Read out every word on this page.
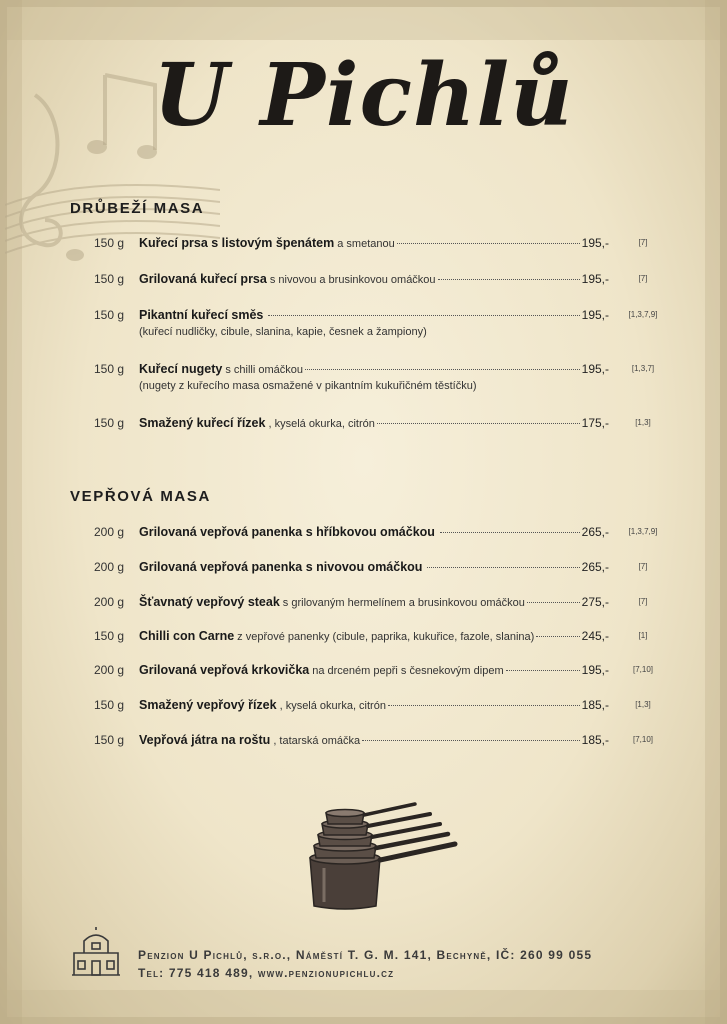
U Pichlů
DRŮBEŽÍ MASA
150 g Kuřecí prsa s listovým špenátem a smetanou	195,-	[7]
150 g Grilovaná kuřecí prsa s nivovou a brusinkovou omáčkou	195,-	[7]
150 g Pikantní kuřecí směs	195,-	[1,3,7,9]
(kuřecí nudličky, cibule, slanina, kapie, česnek a žampiony)
150 g Kuřecí nugety s chilli omáčkou	195,-	[1,3,7]
(nugety z kuřecího masa osmažené v pikantním kukuřičném těstíčku)
150 g Smažený kuřecí řízek , kyselá okurka, citrón	175,-	[1,3]
VEPŘOVÁ MASA
200 g Grilovaná vepřová panenka s hříbkovou omáčkou	265,-	[1,3,7,9]
200 g Grilovaná vepřová panenka s nivovou omáčkou	265,-	[7]
200 g Šťavnatý vepřový steak s grilovaným hermelínem a brusinkovou omáčkou	275,-	[7]
150 g Chilli con Carne z vepřové panenky (cibule, paprika, kukuřice, fazole, slanina)	245,-	[1]
200 g Grilovaná vepřová krkovička na drceném pepři s česnekovým dipem	195,-	[7,10]
150 g Smažený vepřový řízek , kyselá okurka, citrón	185,-	[1,3]
150 g Vepřová játra na roštu , tatarská omáčka	185,-	[7,10]
Penzion U Pichlů, s.r.o., Náměstí T. G. M. 141, Bechyně, IČ: 260 99 055
Tel: 775 418 489, www.penzionupichlu.cz
